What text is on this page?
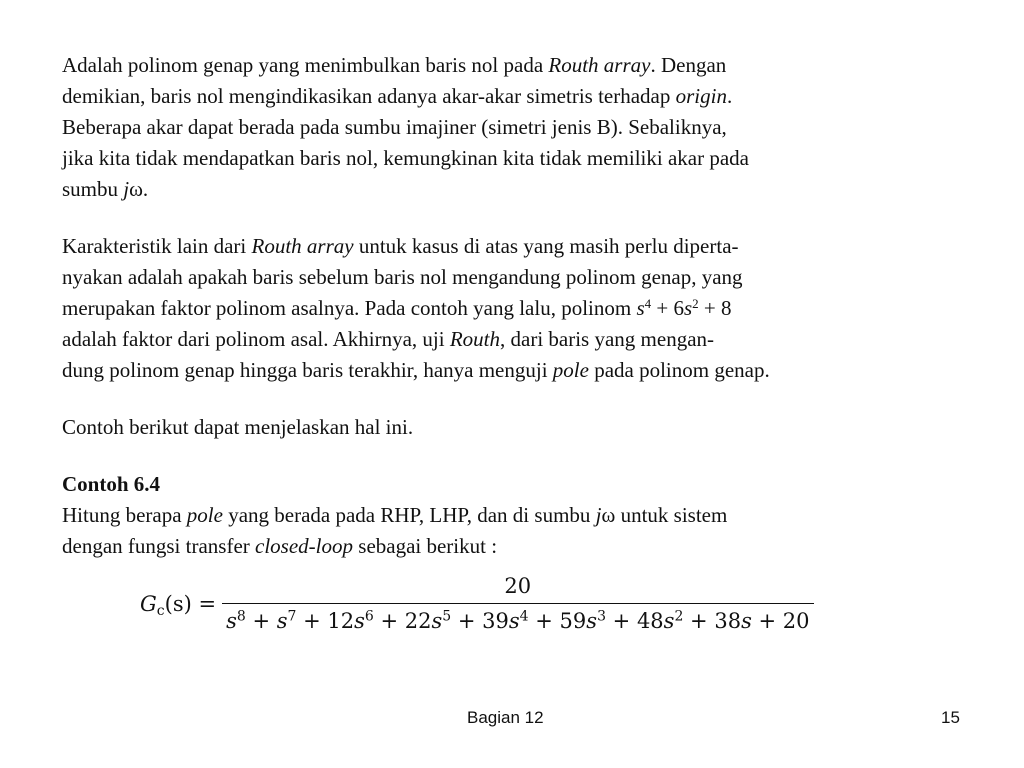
Adalah polinom genap yang menimbulkan baris nol pada Routh array. Dengan

demikian, baris nol mengindikasikan adanya akar-akar simetris terhadap origin.

Beberapa akar dapat berada pada sumbu imajiner (simetri jenis B). Sebaliknya,

jika kita tidak mendapatkan baris nol, kemungkinan kita tidak memiliki akar pada

sumbu jω.

Karakteristik lain dari Routh array untuk kasus di atas yang masih perlu diperta-

nyakan adalah apakah baris sebelum baris nol mengandung polinom genap, yang

merupakan faktor polinom asalnya. Pada contoh yang lalu, polinom $s^4 + 6s^2 + 8$

adalah faktor dari polinom asal. Akhirnya, uji Routh, dari baris yang mengan-

dung polinom genap hingga baris terakhir, hanya menguji pole pada polinom genap.

Contoh berikut dapat menjelaskan hal ini.

Contoh 6.4

Hitung berapa pole yang berada pada RHP, LHP, dan di sumbu jω untuk sistem

dengan fungsi transfer closed-loop sebagai berikut :

$G_c(s) = \frac{20}{s^8 + s^7 + 12s^6 + 22s^5 + 39s^4 + 59s^3 + 48s^2 + 38s + 20}$
Bagian 12	15
